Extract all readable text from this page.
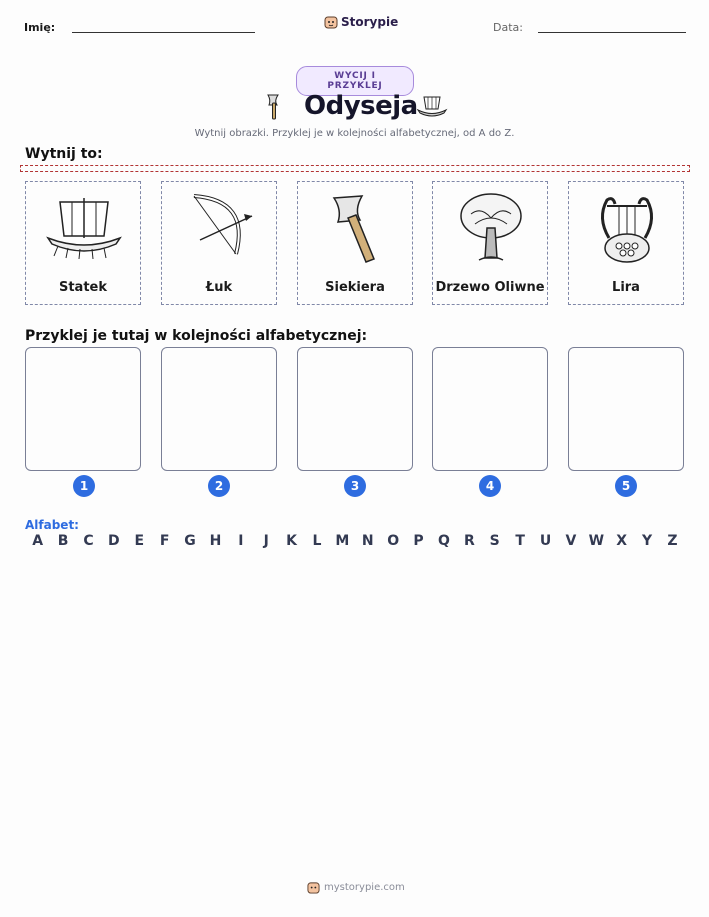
Imię:	Storypie	Data:
WYCIJ I PRZYKLEJ
Odyseja
Wytnij obrazki. Przyklej je w kolejności alfabetycznej, od A do Z.
Wytnij to:
Statek	Łuk	Siekiera	Drzewo Oliwne	Lira
Przyklej je tutaj w kolejności alfabetycznej:
1	2	3	4	5
Alfabet:
A	B	C	D	E	F	G H	I	J	K	L M N O	P	Q	R	S	T	U	V W X	Y	Z
mystorypie.com
